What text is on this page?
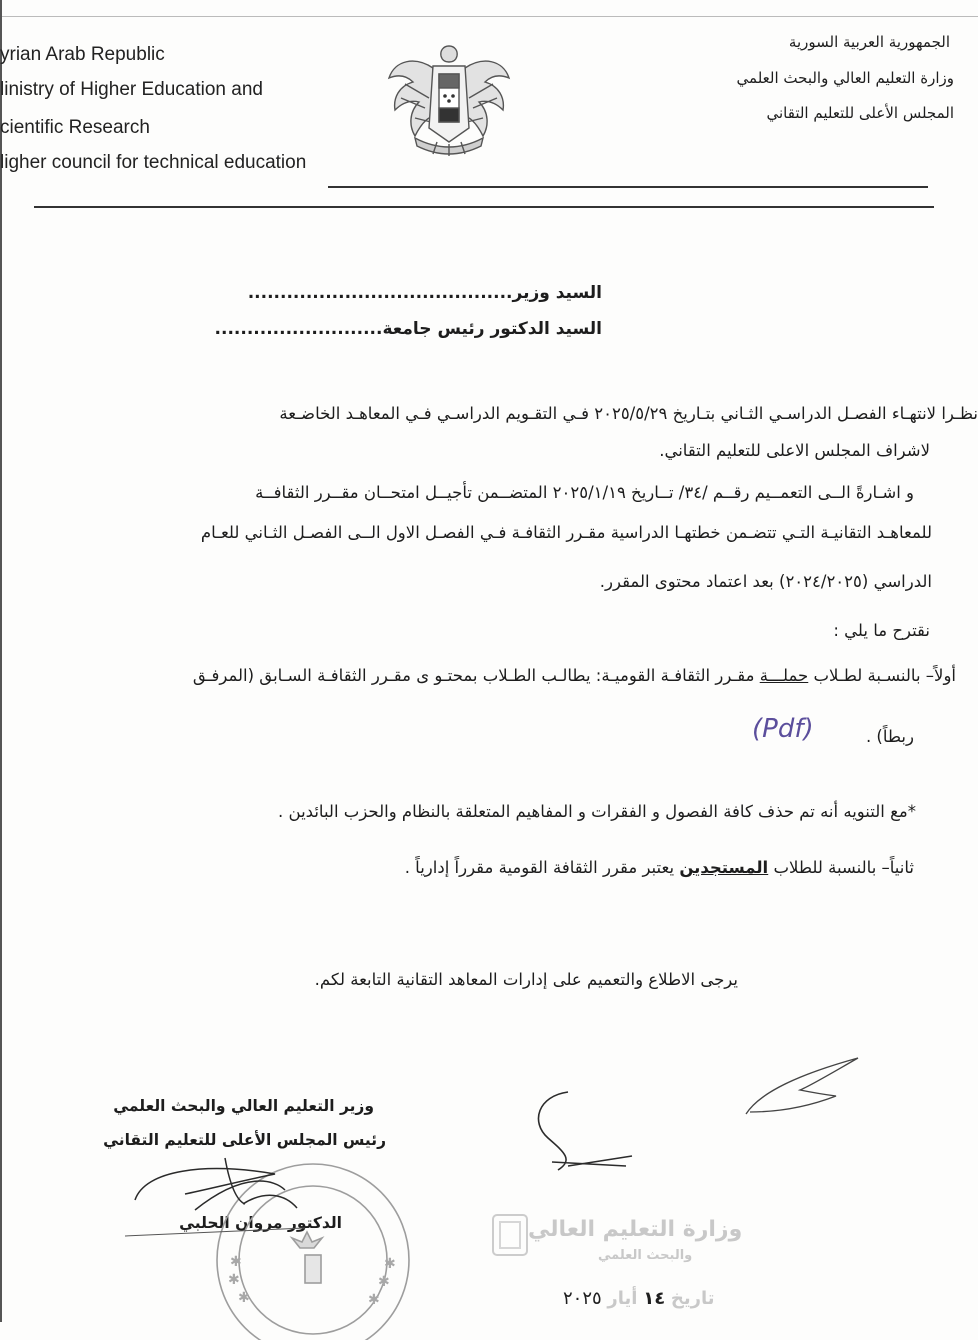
yrian Arab Republic
linistry of Higher Education and
cientific Research
ligher council for technical education
الجمهورية العربية السورية
وزارة التعليم العالي والبحث العلمي
المجلس الأعلى للتعليم التقاني
السيد وزير.........................................
السيد الدكتور رئيس جامعة..........................
نظـرا لانتهـاء الفصـل الدراسـي الثـاني بتـاريخ ٢٠٢٥/٥/٢٩ فـي التقـويم الدراسـي فـي المعاهـد الخاضـعة
لاشراف المجلس الاعلى للتعليم التقاني.
و اشـارةً الــى التعمــيم رقــم /٣٤/ تــاريخ ٢٠٢٥/١/١٩ المتضــمن تأجيــل امتحــان مقــرر الثقافــة
للمعاهـد التقانيـة التـي تتضـمن خطتهـا الدراسية مقـرر الثقافـة فـي الفصـل الاول الــى الفصـل الثـاني للعـام
الدراسي (٢٠٢٤/٢٠٢٥) بعد اعتماد محتوى المقرر.
نقترح ما يلي :
أولاً– بالنسـبة لطـلاب حملـــة مقـرر الثقافـة القوميـة: يطالـب الطـلاب بمحتـو ى مقـرر الثقافـة السـابق (المرفـق
ربطاً) .
(Pdf)
*مع التنويه أنه تم حذف كافة الفصول و الفقرات و المفاهيم المتعلقة بالنظام والحزب البائدين .
ثانياً– بالنسبة للطلاب المستجدين يعتبر مقرر الثقافة القومية مقرراً إدارياً .
يرجى الاطلاع والتعميم على إدارات المعاهد التقانية التابعة لكم.
وزير التعليم العالي والبحث العلمي
رئيس المجلس الأعلى للتعليم التقاني
الدكتور مروان الحلبي
✱
✱
✱	✱
✱
✱
وزارة التعليم العالي
والبحث العلمي
تاريخ ١٤ أيار ٢٠٢٥
